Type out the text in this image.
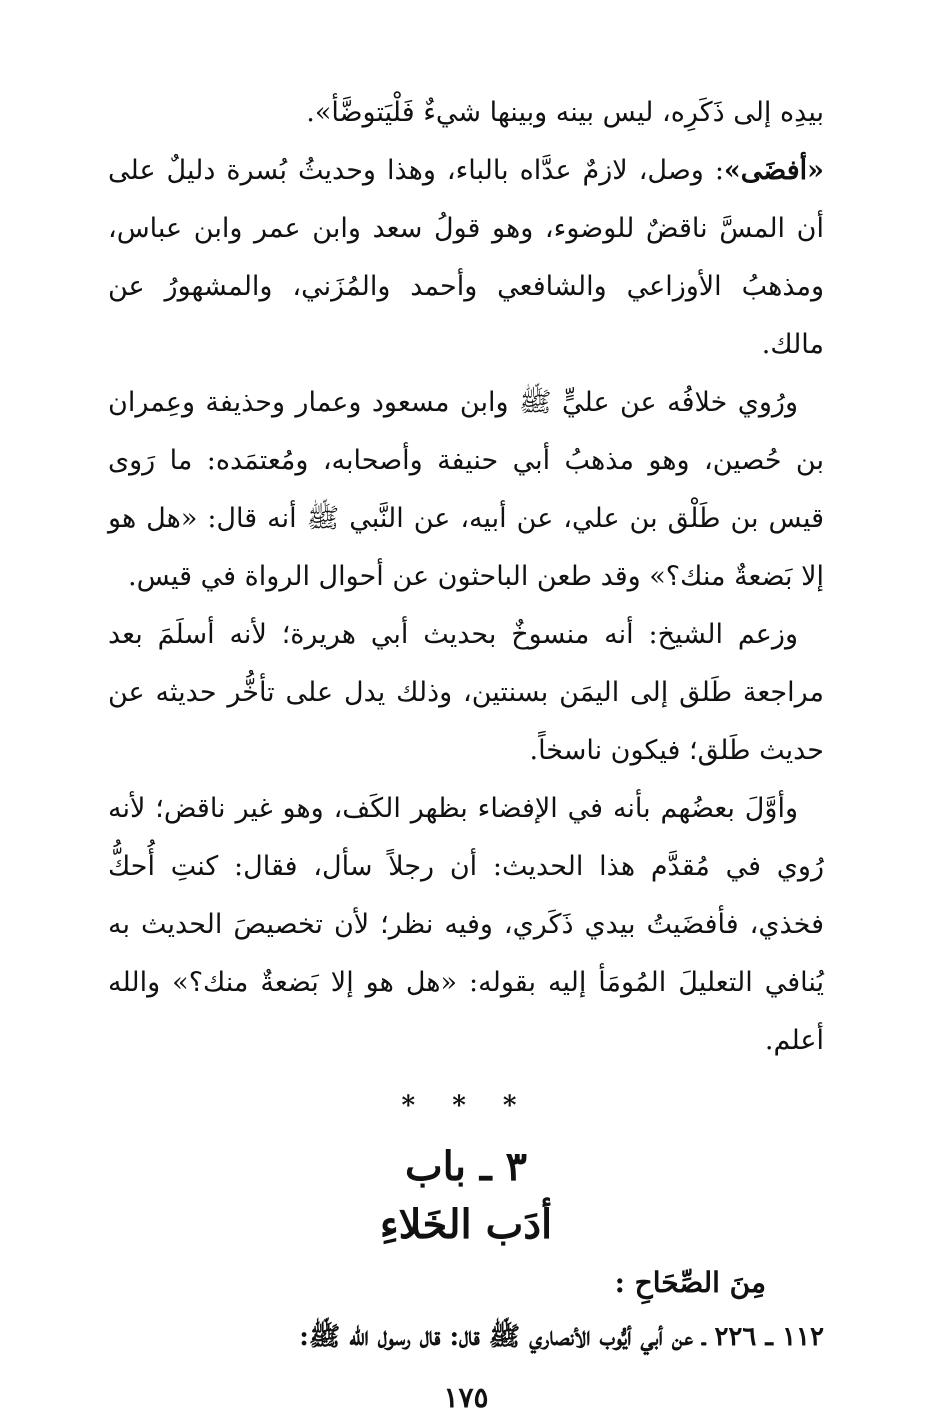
بيدِه إلى ذَكَرِه، ليس بينه وبينها شيءٌ فَلْيَتوضَّأ».

«أفضَى»: وصل، لازمٌ عدَّاه بالباء، وهذا وحديثُ بُسرة دليلٌ على أن المسَّ ناقضٌ للوضوء، وهو قولُ سعد وابن عمر وابن عباس، ومذهبُ الأوزاعي والشافعي وأحمد والمُزَني، والمشهورُ عن مالك.

ورُوي خلافُه عن عليٍّ ﷺ وابن مسعود وعمار وحذيفة وعِمران بن حُصين، وهو مذهبُ أبي حنيفة وأصحابه، ومُعتمَده: ما رَوى قيس بن طَلْق بن علي، عن أبيه، عن النَّبي ﷺ أنه قال: «هل هو إلا بَضعةٌ منك؟» وقد طعن الباحثون عن أحوال الرواة في قيس.

وزعم الشيخ: أنه منسوخٌ بحديث أبي هريرة؛ لأنه أسلَمَ بعد مراجعة طَلق إلى اليمَن بسنتين، وذلك يدل على تأخُّر حديثه عن حديث طَلق؛ فيكون ناسخاً.

وأوَّلَ بعضُهم بأنه في الإفضاء بظهر الكَف، وهو غير ناقض؛ لأنه رُوي في مُقدَّم هذا الحديث: أن رجلاً سأل، فقال: كنتِ أُحكُّ فخذي، فأفضَيتُ بيدي ذَكَري، وفيه نظر؛ لأن تخصيصَ الحديث به يُنافي التعليلَ المُومَأ إليه بقوله: «هل هو إلا بَضعةٌ منك؟» والله أعلم.

* * *
٣ ـ باب
أدَب الخَلاءِ
مِنَ الصِّحَاحِ :
١١٢ ـ ٢٢٦ ـ عن أبي أيُّوب الأنصاري ﷺ قال: قال رسول الله ﷺ:
١٧٥
